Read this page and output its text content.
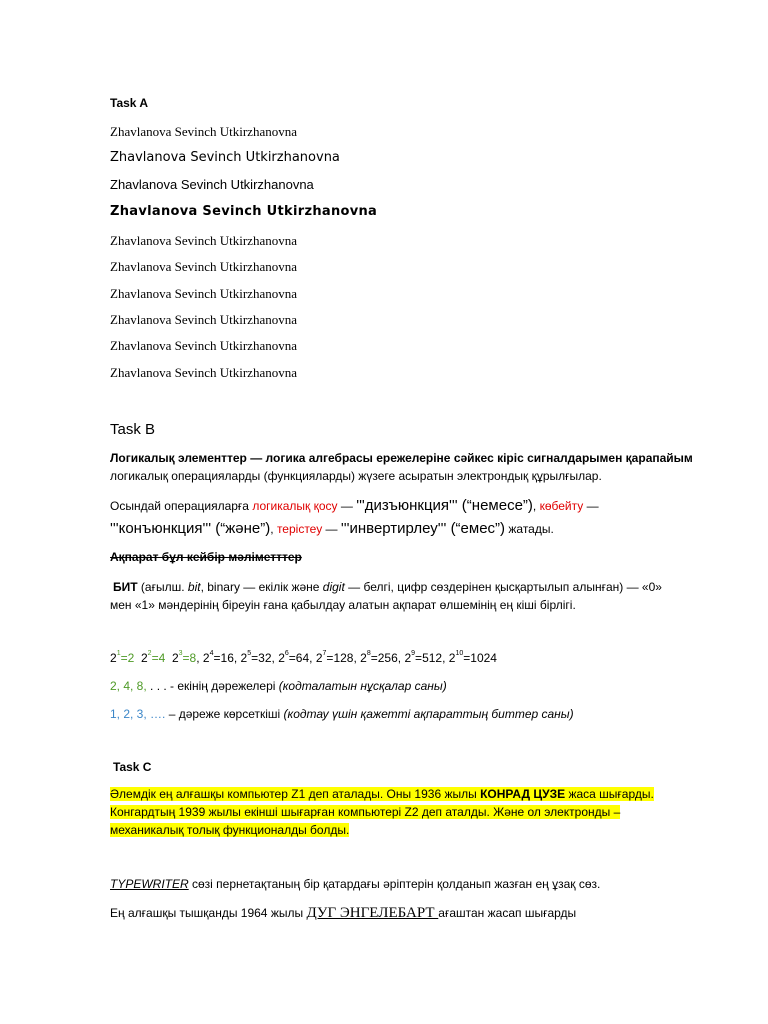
Task A
Zhavlanova Sevinch Utkirzhanovna
Zhavlanova Sevinch Utkirzhanovna
Zhavlanova Sevinch Utkirzhanovna
Zhavlanova Sevinch Utkirzhanovna
Zhavlanova Sevinch Utkirzhanovna
Zhavlanova Sevinch Utkirzhanovna
Zhavlanova Sevinch Utkirzhanovna
Zhavlanova Sevinch Utkirzhanovna
Zhavlanova Sevinch Utkirzhanovna
Zhavlanova Sevinch Utkirzhanovna
Task B
Логикалық элементтер — логика алгебрасы ережелеріне сәйкес кіріс сигналдарымен қарапайым
логикалық операцияларды (функцияларды) жүзеге асыратын электрондық құрылғылар.
Осындай операцияларға логикалық қосу — '''дизъюнкция''' (“немесе”), көбейту —
'''конъюнкция''' (“және”), терістеу — '''инвертирлеу''' (“емес”) жатады.
Ақпарат бұл кейбір мәліметттер
БИТ (ағылш. bit, binary — екілік және digit — белгі, цифр сөздерінен қысқартылып алынған) — «0»
мен «1» мәндерінің біреуін ғана қабылдау алатын ақпарат өлшемінің ең кіші бірлігі.
$2^1=2$ $2^2=4$ $2^3=8$, $2^4=16$, $2^5=32$, $2^6=64$, $2^7=128$, $2^8=256$, $2^9=512$, $2^{10}=1024$
2, 4, 8, . . . - екінің дәрежелері (кодталатын нұсқалар саны)
1, 2, 3, …. – дәреже көрсеткіші (кодтау үшін қажетті ақпараттың биттер саны)
Task C
Әлемдік ең алғашқы компьютер Z1 деп аталады. Оны 1936 жылы КОНРАД ЦУЗЕ жаса шығарды.
Конгардтың 1939 жылы екінші шығарған компьютері Z2 деп аталды. Және ол электронды –
механикалық толық функционалды болды.
TYPEWRITER сөзі пернетақтаның бір қатардағы әріптерін қолданып жазған ең ұзақ сөз.
Ең алғашқы тышқанды 1964 жылы ДУГ ЭНГЕЛЕБАРТ ағаштан жасап шығарды
